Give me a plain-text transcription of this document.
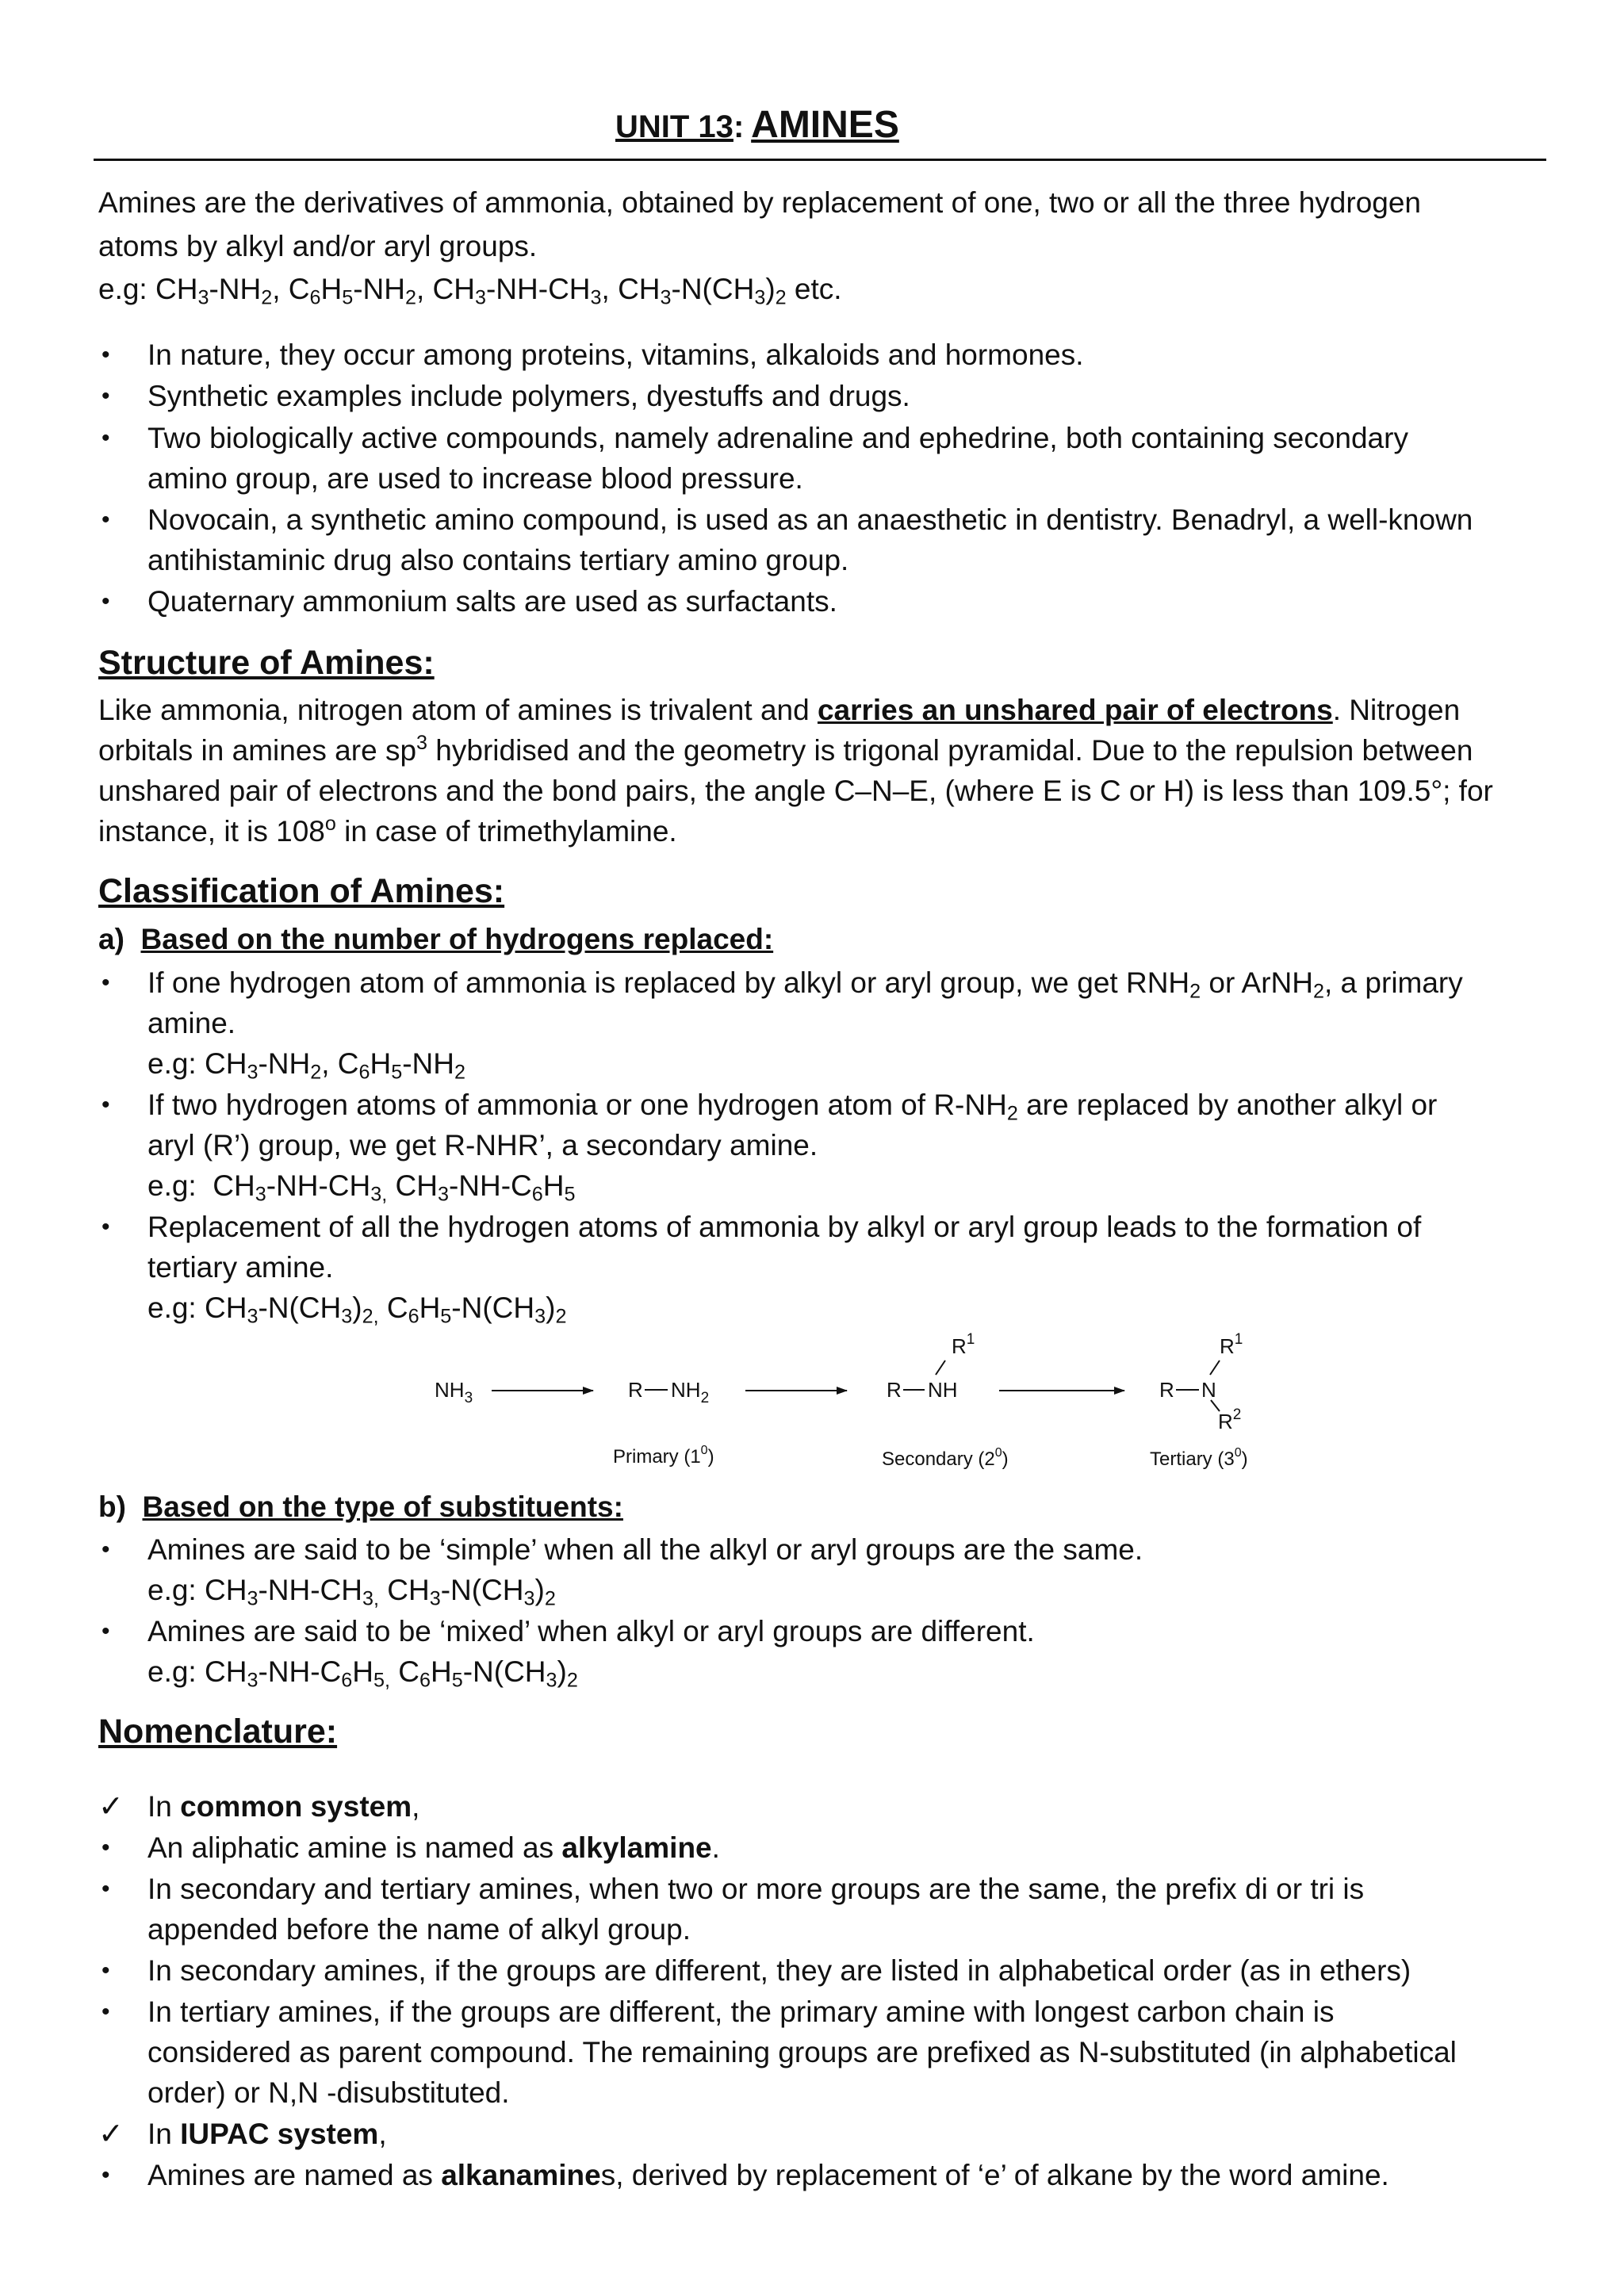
UNIT 13: AMINES
Amines are the derivatives of ammonia, obtained by replacement of one, two or all the three hydrogen
atoms by alkyl and/or aryl groups.
e.g: $CH_3-NH_2$, $C_6H_5-NH_2$, $CH_3-NH-CH_3$, $CH_3-N(CH_3)_2$ etc.
• In nature, they occur among proteins, vitamins, alkaloids and hormones.
• Synthetic examples include polymers, dyestuffs and drugs.
• Two biologically active compounds, namely adrenaline and ephedrine, both containing secondary
amino group, are used to increase blood pressure.
• Novocain, a synthetic amino compound, is used as an anaesthetic in dentistry. Benadryl, a well-known
antihistaminic drug also contains tertiary amino group.
• Quaternary ammonium salts are used as surfactants.
Structure of Amines:
Like ammonia, nitrogen atom of amines is trivalent and carries an unshared pair of electrons. Nitrogen
orbitals in amines are $sp^3$ hybridised and the geometry is trigonal pyramidal. Due to the repulsion between
unshared pair of electrons and the bond pairs, the angle C–N–E, (where E is C or H) is less than 109.5°; for
instance, it is 108$^o$ in case of trimethylamine.
Classification of Amines:
a) Based on the number of hydrogens replaced:
• If one hydrogen atom of ammonia is replaced by alkyl or aryl group, we get $RNH_2$ or ArNH$_2$, a primary
amine.
e.g: $CH_3-NH_2$, $C_6H_5-NH_2$
• If two hydrogen atoms of ammonia or one hydrogen atom of $R-NH_2$ are replaced by another alkyl or
aryl (R’) group, we get R-NHR’, a secondary amine.
e.g:  $CH_3-NH-CH_{3,}$ $CH_3-NH-C_6H_5$
• Replacement of all the hydrogen atoms of ammonia by alkyl or aryl group leads to the formation of
tertiary amine.
e.g: $CH_3-N(CH_3)_{2,}$ $C_6H_5-N(CH_3)_2$
$NH_3$	R $NH_2$	R NH
$R^1$
R N
$R^1$
$R^2$
Primary $(1^0)$	Secondary $(2^0)$	Tertiary $(3^0)$
b) Based on the type of substituents:
• Amines are said to be ‘simple’ when all the alkyl or aryl groups are the same.
e.g: $CH_3-NH-CH_{3,}$ $CH_3-N(CH_3)_2$
• Amines are said to be ‘mixed’ when alkyl or aryl groups are different.
e.g: $CH_3-NH-C_6H_{5,}$ $C_6H_5-N(CH_3)_2$
Nomenclature:
✓ In common system,
• An aliphatic amine is named as alkylamine.
• In secondary and tertiary amines, when two or more groups are the same, the prefix di or tri is
appended before the name of alkyl group.
• In secondary amines, if the groups are different, they are listed in alphabetical order (as in ethers)
• In tertiary amines, if the groups are different, the primary amine with longest carbon chain is
considered as parent compound. The remaining groups are prefixed as N-substituted (in alphabetical
order) or N,N -disubstituted.
✓ In IUPAC system,
• Amines are named as alkanamines, derived by replacement of ‘e’ of alkane by the word amine.
